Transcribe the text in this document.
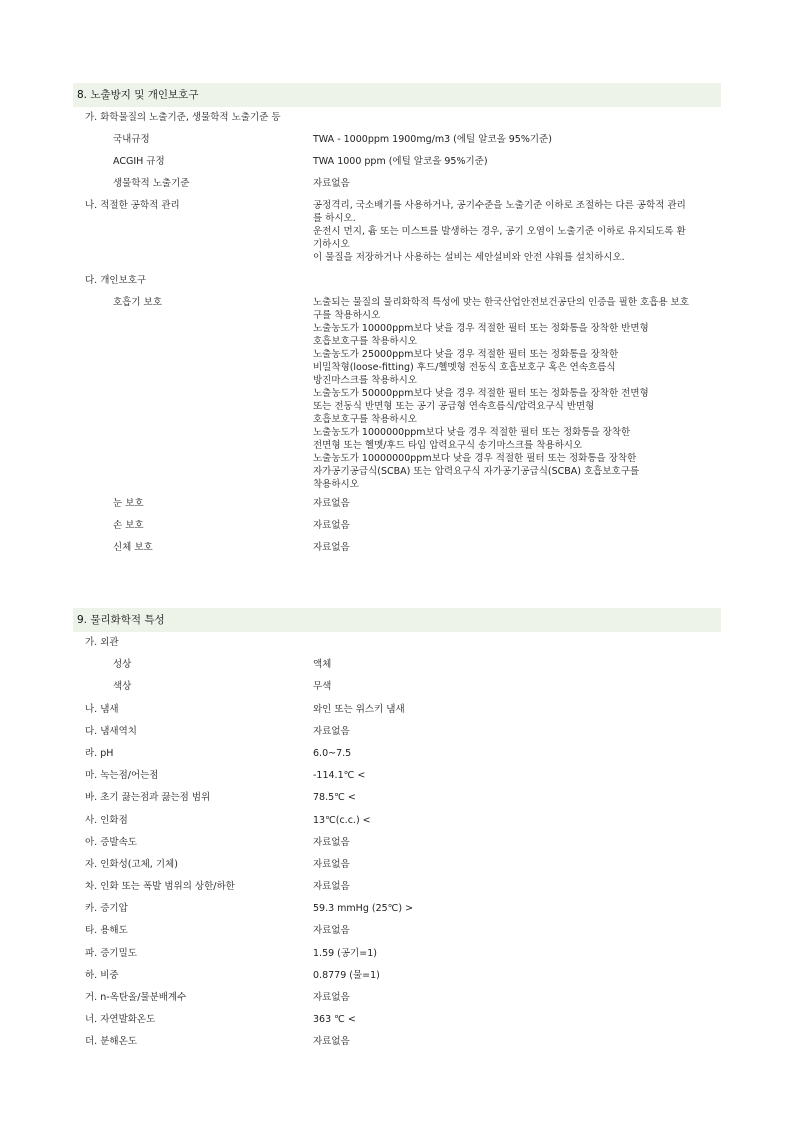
8. 노출방지 및 개인보호구
가. 화학물질의 노출기준, 생물학적 노출기준 등
국내규정	TWA - 1000ppm 1900mg/m3 (에틸 알코올 95%기준)
ACGIH 규정	TWA 1000 ppm (에틸 알코올 95%기준)
생물학적 노출기준	자료없음
나. 적절한 공학적 관리	공정격리, 국소배기를 사용하거나, 공기수준을 노출기준 이하로 조절하는 다른 공학적 관리
를 하시오.
운전시 먼지, 흄 또는 미스트를 발생하는 경우, 공기 오염이 노출기준 이하로 유지되도록 환
기하시오
이 물질을 저장하거나 사용하는 설비는 세안설비와 안전 샤워를 설치하시오.
다. 개인보호구
호흡기 보호	노출되는 물질의 물리화학적 특성에 맞는 한국산업안전보건공단의 인증을 필한 호흡용 보호
구를 착용하시오
노출농도가 10000ppm보다 낮을 경우 적절한 필터 또는 정화통을 장착한 반면형
호흡보호구를 착용하시오
노출농도가 25000ppm보다 낮을 경우 적절한 필터 또는 정화통을 장착한
비밀착형(loose-fitting) 후드/헬멧형 전동식 호흡보호구 혹은 연속흐름식
방진마스크를 착용하시오
노출농도가 50000ppm보다 낮을 경우 적절한 필터 또는 정화통을 장착한 전면형
또는 전동식 반면형 또는 공기 공급형 연속흐름식/압력요구식 반면형
호흡보호구를 착용하시오
노출농도가 1000000ppm보다 낮을 경우 적절한 필터 또는 정화통을 장착한
전면형 또는 헬멧/후드 타입 압력요구식 송기마스크를 착용하시오
노출농도가 10000000ppm보다 낮을 경우 적절한 필터 또는 정화통을 장착한
자가공기공급식(SCBA) 또는 압력요구식 자가공기공급식(SCBA) 호흡보호구를
착용하시오
눈 보호	자료없음
손 보호	자료없음
신체 보호	자료없음
9. 물리화학적 특성
가. 외관
성상	액체
색상	무색
나. 냄새	와인 또는 위스키 냄새
다. 냄새역치	자료없음
라. pH	6.0~7.5
마. 녹는점/어는점	-114.1℃ <
바. 초기 끓는점과 끓는점 범위	78.5℃ <
사. 인화점	13℃(c.c.) <
아. 증발속도	자료없음
자. 인화성(고체, 기체)	자료없음
차. 인화 또는 폭발 범위의 상한/하한	자료없음
카. 증기압	59.3 mmHg (25℃) >
타. 용해도	자료없음
파. 증기밀도	1.59 (공기=1)
하. 비중	0.8779 (물=1)
거. n-옥탄올/물분배계수	자료없음
너. 자연발화온도	363 ℃ <
더. 분해온도	자료없음
